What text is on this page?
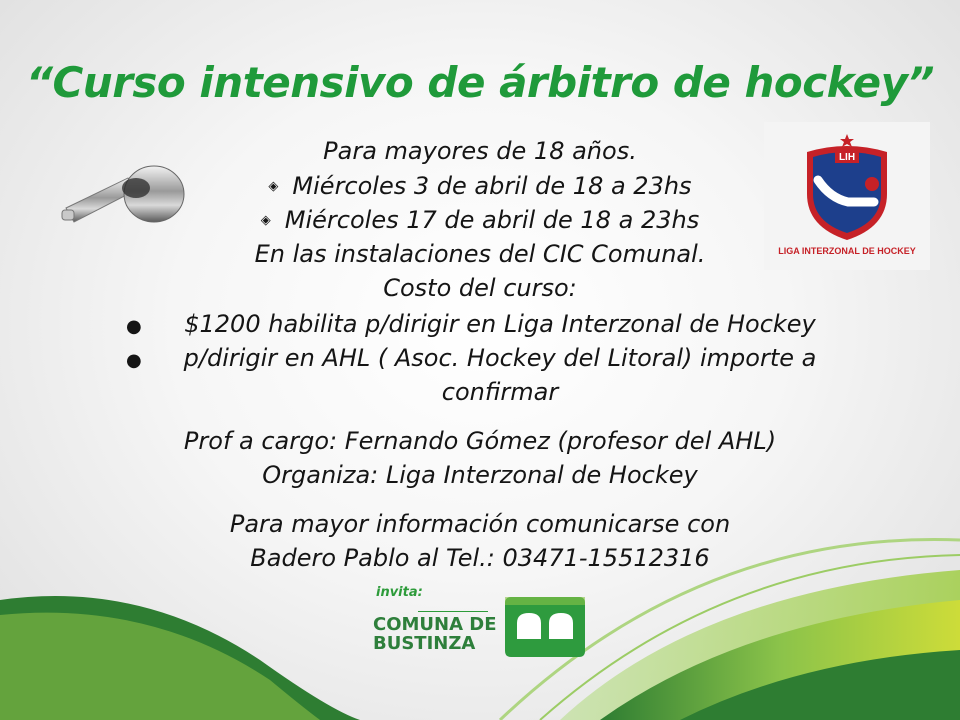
“Curso intensivo de árbitro de hockey”
LIH
LIGA INTERZONAL DE HOCKEY
Para mayores de 18 años.
◈ Miércoles 3 de abril de 18 a 23hs
◈ Miércoles 17 de abril de 18 a 23hs
En las instalaciones del CIC Comunal.
Costo del curso:
●	$1200 habilita p/dirigir en Liga Interzonal de Hockey
●	p/dirigir en AHL ( Asoc. Hockey del Litoral) importe a
confirmar
Prof a cargo: Fernando Gómez (profesor del AHL)
Organiza: Liga Interzonal de Hockey
Para mayor información comunicarse con
Badero Pablo al Tel.: 03471-15512316
invita:
COMUNA DE
BUSTINZA
